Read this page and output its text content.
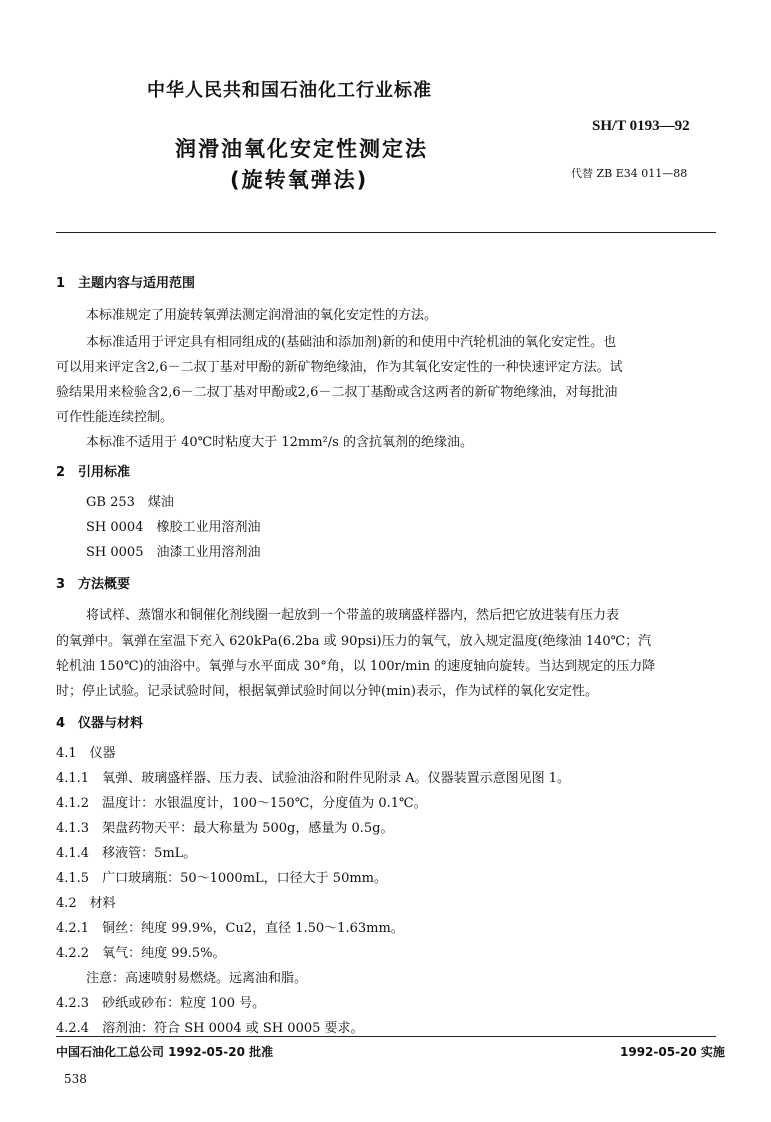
中华人民共和国石油化工行业标准
SH/T 0193—92
润滑油氧化安定性测定法
(旋转氧弹法)	代替 ZB E34 011—88
1　主题内容与适用范围
本标准规定了用旋转氧弹法测定润滑油的氧化安定性的方法。
本标准适用于评定具有相同组成的(基础油和添加剂)新的和使用中汽轮机油的氧化安定性。也
可以用来评定含2,6－二叔丁基对甲酚的新矿物绝缘油，作为其氧化安定性的一种快速评定方法。试
验结果用来检验含2,6－二叔丁基对甲酚或2,6－二叔丁基酚或含这两者的新矿物绝缘油，对每批油
可作性能连续控制。
本标准不适用于 40℃时粘度大于 12mm²/s 的含抗氧剂的绝缘油。
2　引用标准
GB 253　煤油
SH 0004　橡胶工业用溶剂油
SH 0005　油漆工业用溶剂油
3　方法概要
将试样、蒸馏水和铜催化剂线圈一起放到一个带盖的玻璃盛样器内，然后把它放进装有压力表
的氧弹中。氧弹在室温下充入 620kPa(6.2ba 或 90psi)压力的氧气，放入规定温度(绝缘油 140℃；汽
轮机油 150℃)的油浴中。氧弹与水平面成 30°角，以 100r/min 的速度轴向旋转。当达到规定的压力降
时；停止试验。记录试验时间，根据氧弹试验时间以分钟(min)表示，作为试样的氧化安定性。
4　仪器与材料
4.1　仪器
4.1.1　氧弹、玻璃盛样器、压力表、试验油浴和附件见附录 A。仪器装置示意图见图 1。
4.1.2　温度计：水银温度计，100～150℃，分度值为 0.1℃。
4.1.3　架盘药物天平：最大称量为 500g，感量为 0.5g。
4.1.4　移液管：5mL。
4.1.5　广口玻璃瓶：50～1000mL，口径大于 50mm。
4.2　材料
4.2.1　铜丝：纯度 99.9%，Cu2，直径 1.50～1.63mm。
4.2.2　氧气：纯度 99.5%。
注意：高速喷射易燃烧。远离油和脂。
4.2.3　砂纸或砂布：粒度 100 号。
4.2.4　溶剂油：符合 SH 0004 或 SH 0005 要求。
中国石油化工总公司 1992-05-20 批准	1992-05-20 实施
538
